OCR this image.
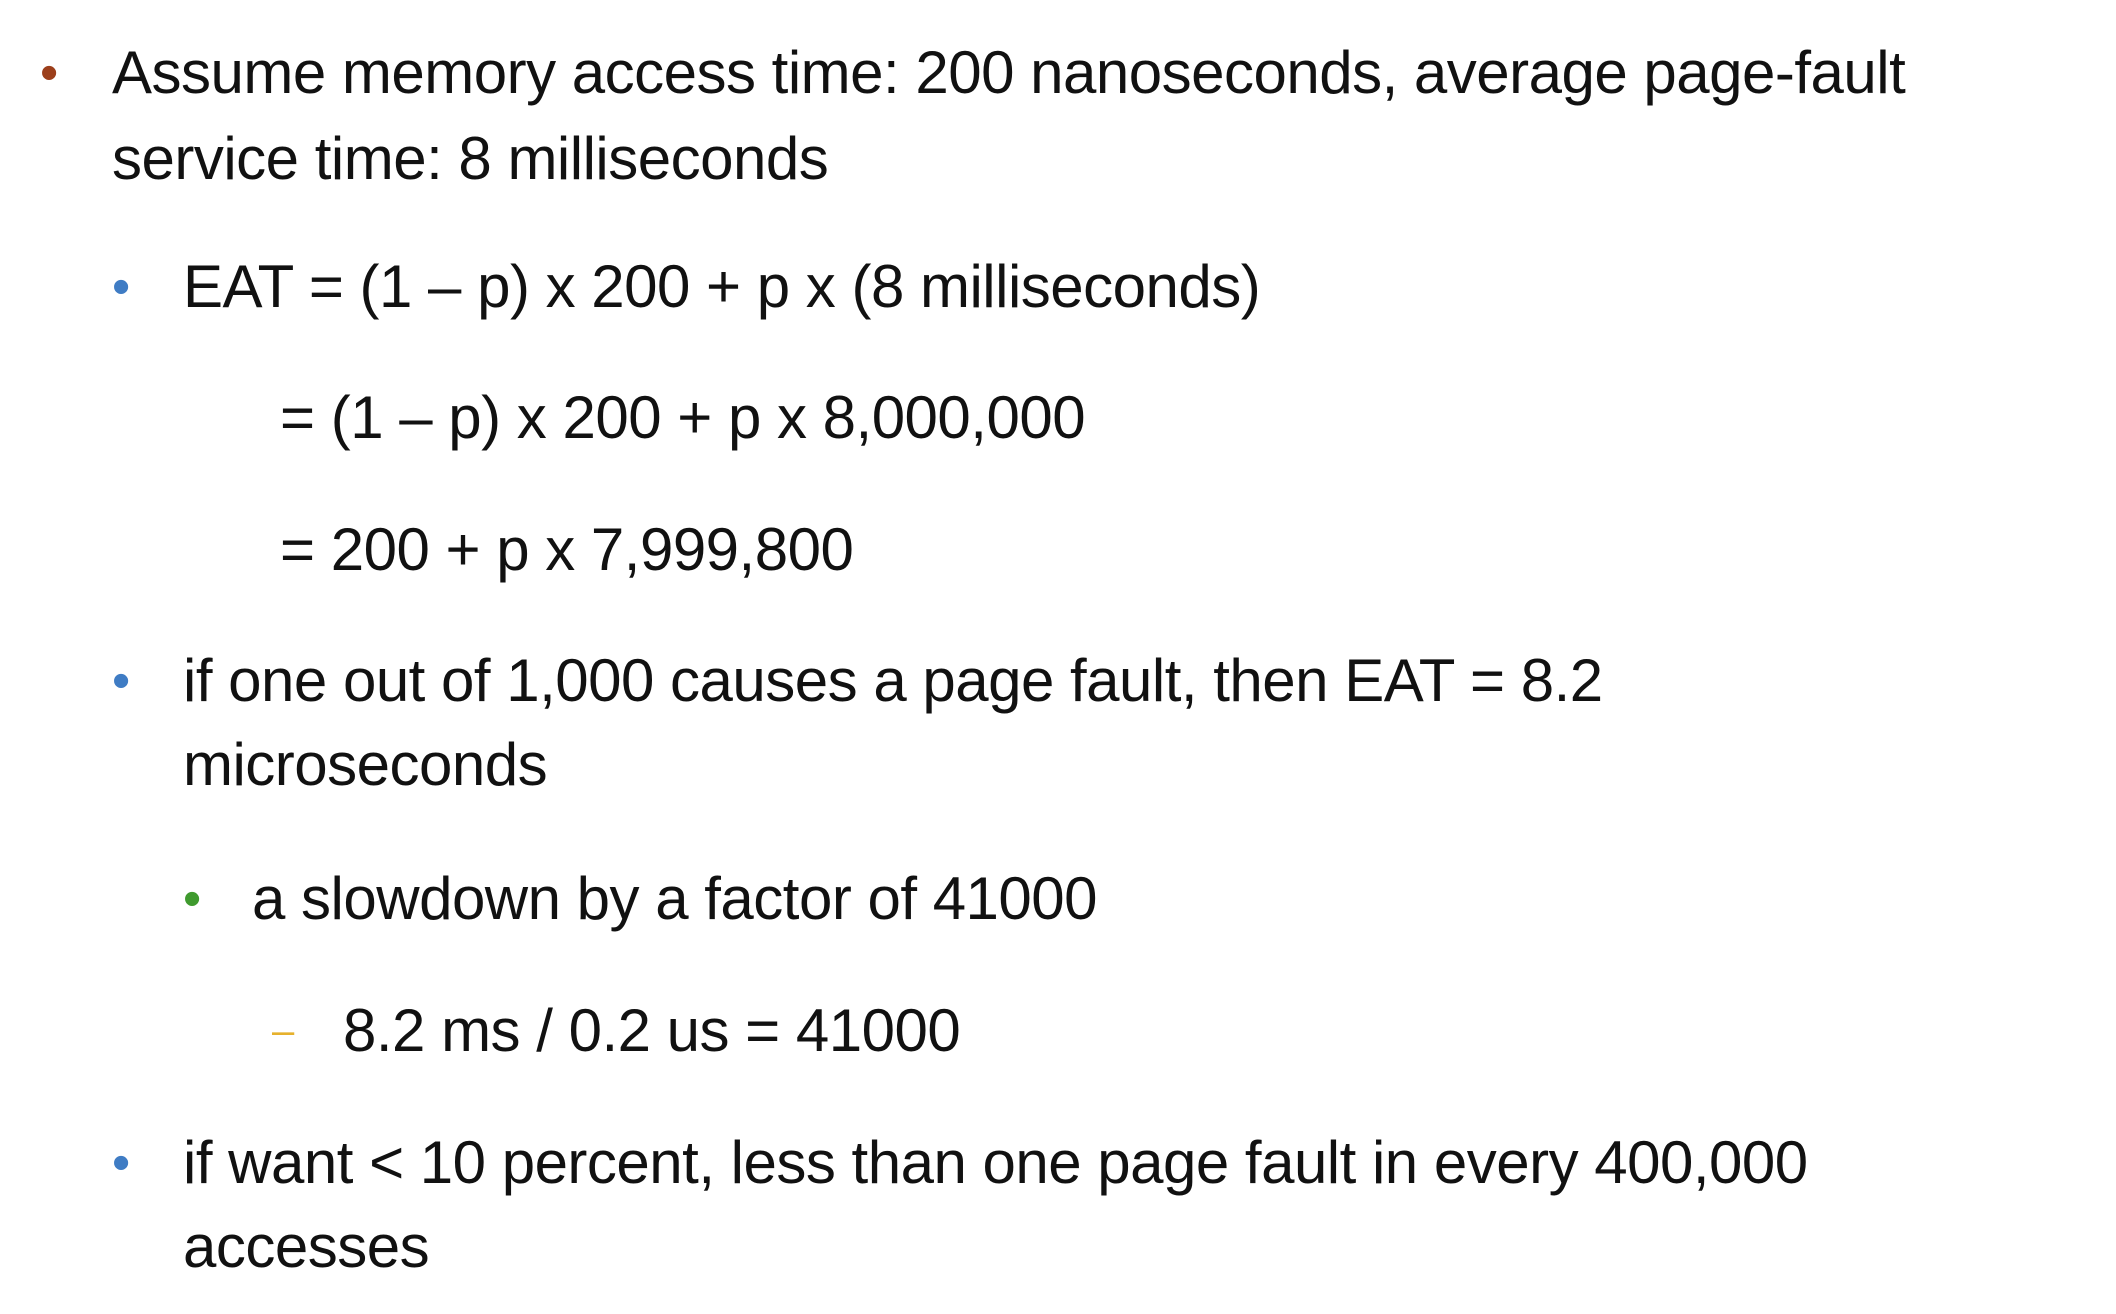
• Assume memory access time: 200 nanoseconds, average page-fault
service time: 8 milliseconds
• EAT = (1 – p) x 200 + p x (8 milliseconds)
= (1 – p) x 200 + p x 8,000,000
= 200 + p x 7,999,800
• if one out of 1,000 causes a page fault, then EAT = 8.2
microseconds
• a slowdown by a factor of 41000
– 8.2 ms / 0.2 us = 41000
• if want < 10 percent, less than one page fault in every 400,000
accesses
